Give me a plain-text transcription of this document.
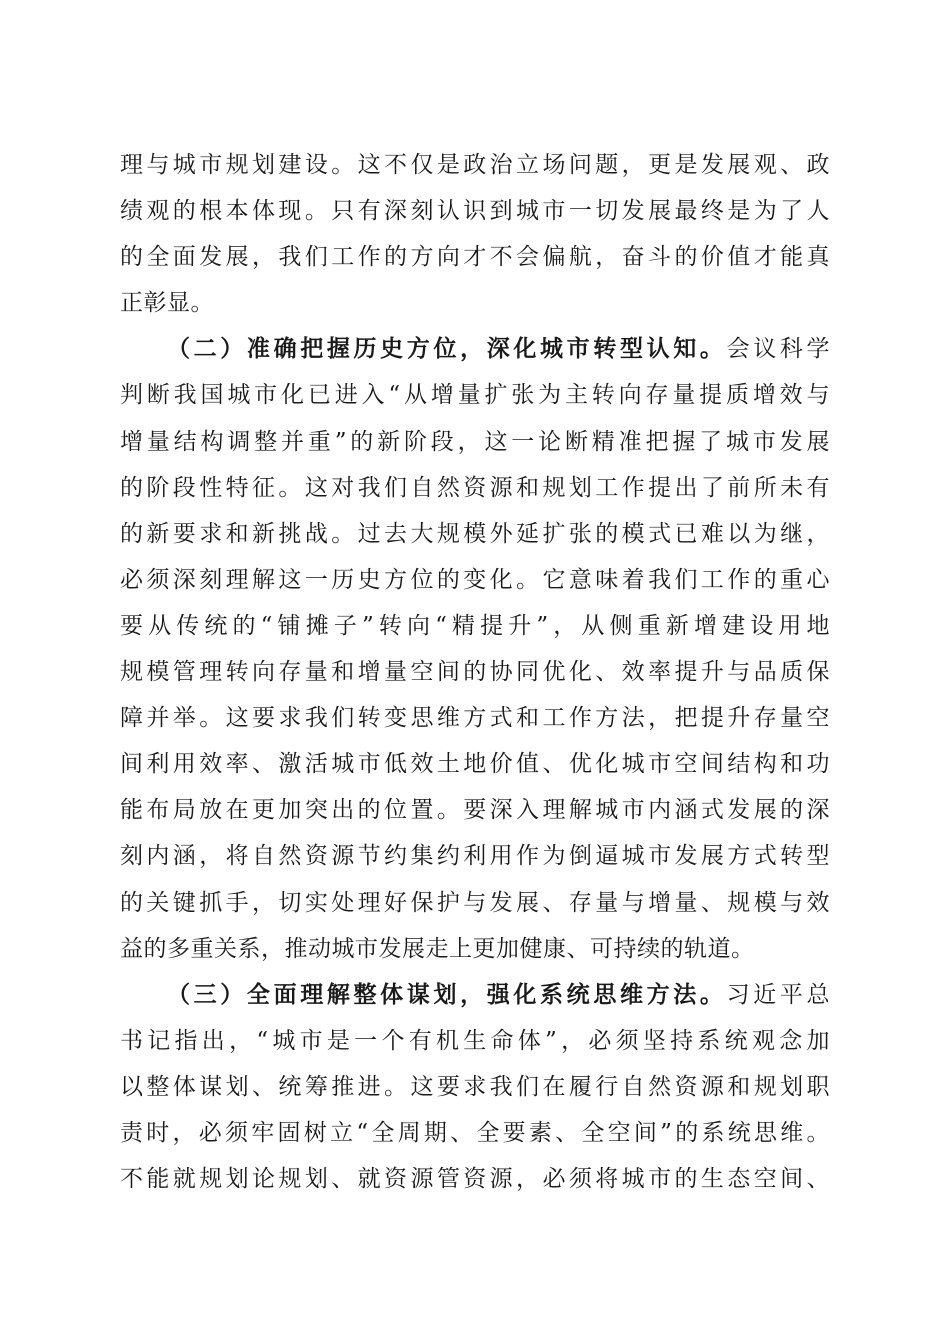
理与城市规划建设。这不仅是政治立场问题，更是发展观、政
绩观的根本体现。只有深刻认识到城市一切发展最终是为了人
的全面发展，我们工作的方向才不会偏航，奋斗的价值才能真
正彰显。
（二）准确把握历史方位，深化城市转型认知。会议科学
判断我国城市化已进入“从增量扩张为主转向存量提质增效与
增量结构调整并重”的新阶段，这一论断精准把握了城市发展
的阶段性特征。这对我们自然资源和规划工作提出了前所未有
的新要求和新挑战。过去大规模外延扩张的模式已难以为继，
必须深刻理解这一历史方位的变化。它意味着我们工作的重心
要从传统的“铺摊子”转向“精提升”，从侧重新增建设用地
规模管理转向存量和增量空间的协同优化、效率提升与品质保
障并举。这要求我们转变思维方式和工作方法，把提升存量空
间利用效率、激活城市低效土地价值、优化城市空间结构和功
能布局放在更加突出的位置。要深入理解城市内涵式发展的深
刻内涵，将自然资源节约集约利用作为倒逼城市发展方式转型
的关键抓手，切实处理好保护与发展、存量与增量、规模与效
益的多重关系，推动城市发展走上更加健康、可持续的轨道。
（三）全面理解整体谋划，强化系统思维方法。习近平总
书记指出，“城市是一个有机生命体”，必须坚持系统观念加
以整体谋划、统筹推进。这要求我们在履行自然资源和规划职
责时，必须牢固树立“全周期、全要素、全空间”的系统思维。
不能就规划论规划、就资源管资源，必须将城市的生态空间、
